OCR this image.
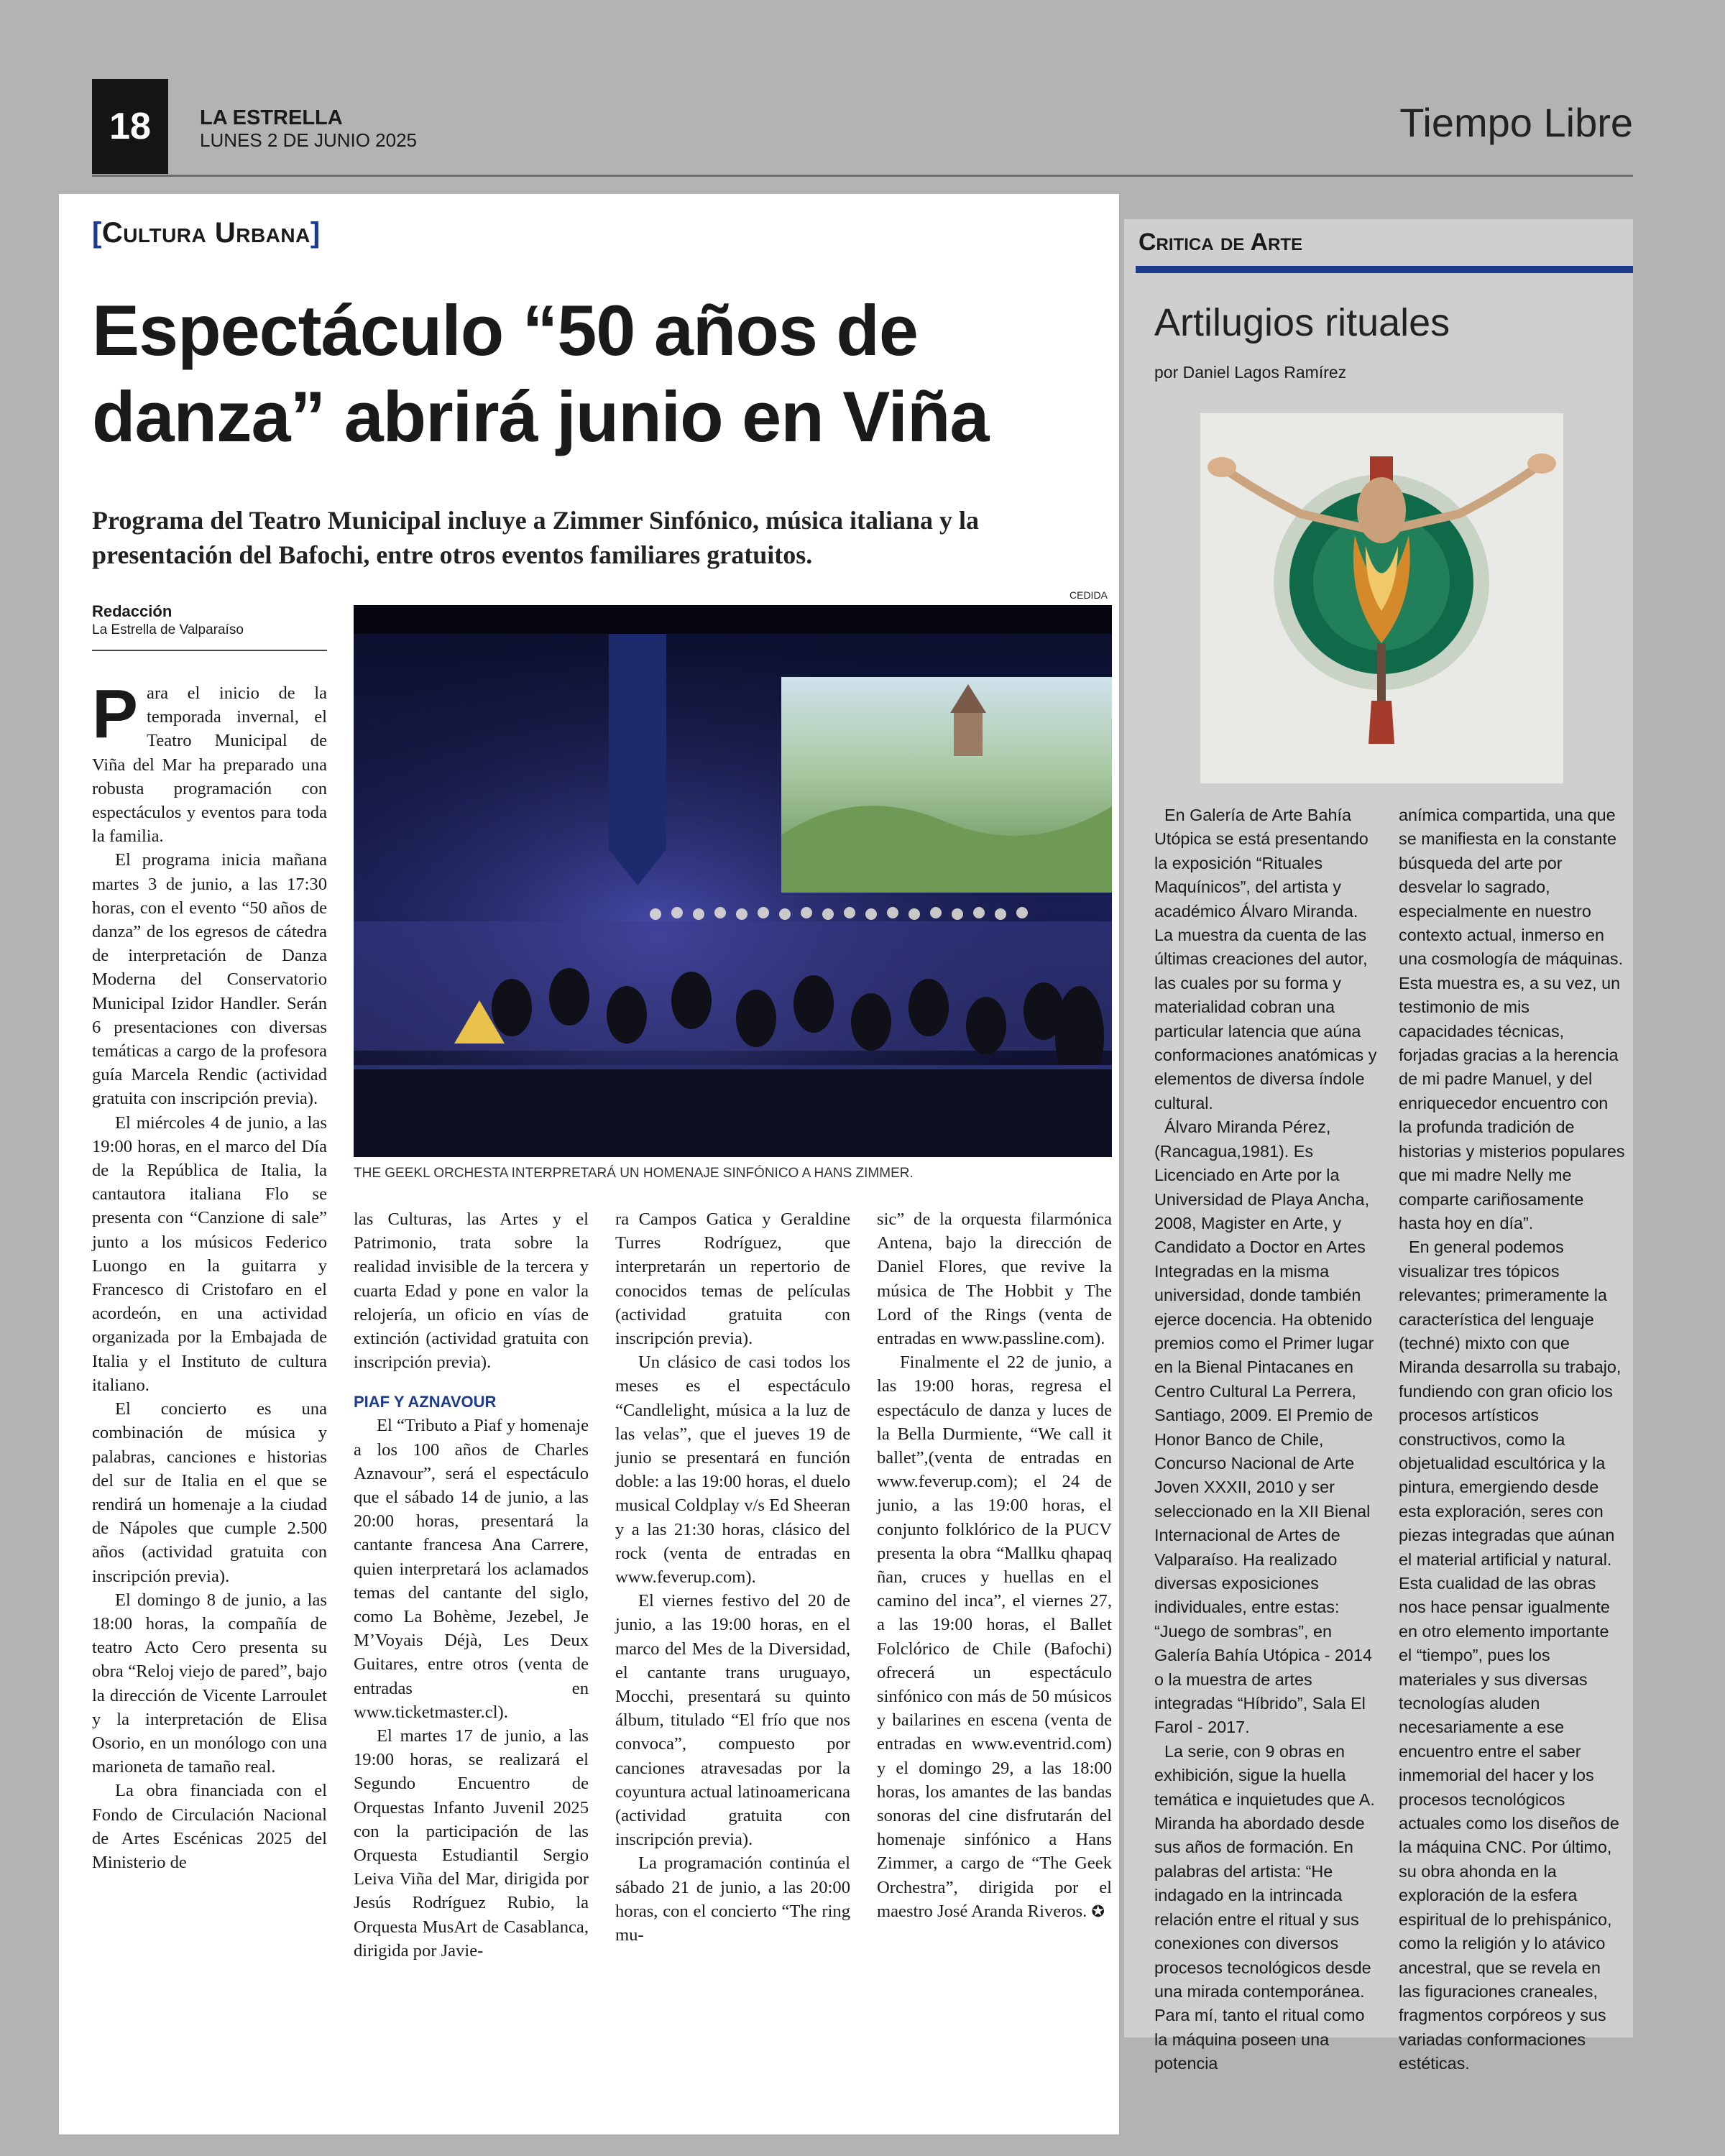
18	LA ESTRELLA
LUNES 2 DE JUNIO 2025	Tiempo Libre
[Cultura Urbana]
Espectáculo “50 años de danza” abrirá junio en Viña
Programa del Teatro Municipal incluye a Zimmer Sinfónico, música italiana y la presentación del Bafochi, entre otros eventos familiares gratuitos.
Redacción
La Estrella de Valparaíso
CEDIDA
THE GEEKL ORCHESTA INTERPRETARÁ UN HOMENAJE SINFÓNICO A HANS ZIMMER.

Para el inicio de la temporada invernal, el Teatro Municipal de Viña del Mar ha preparado una robusta programación con espectáculos y eventos para toda la familia.

El programa inicia mañana martes 3 de junio, a las 17:30 horas, con el evento “50 años de danza” de los egresos de cátedra de interpretación de Danza Moderna del Conservatorio Municipal Izidor Handler. Serán 6 presentaciones con diversas temáticas a cargo de la profesora guía Marcela Rendic (actividad gratuita con inscripción previa).

El miércoles 4 de junio, a las 19:00 horas, en el marco del Día de la República de Italia, la cantautora italiana Flo se presenta con “Canzione di sale” junto a los músicos Federico Luongo en la guitarra y Francesco di Cristofaro en el acordeón, en una actividad organizada por la Embajada de Italia y el Instituto de cultura italiano.

El concierto es una combinación de música y palabras, canciones e historias del sur de Italia en el que se rendirá un homenaje a la ciudad de Nápoles que cumple 2.500 años (actividad gratuita con inscripción previa).

El domingo 8 de junio, a las 18:00 horas, la compañía de teatro Acto Cero presenta su obra “Reloj viejo de pared”, bajo la dirección de Vicente Larroulet y la interpretación de Elisa Osorio, en un monólogo con una marioneta de tamaño real.

La obra financiada con el Fondo de Circulación Nacional de Artes Escénicas 2025 del Ministerio de

las Culturas, las Artes y el Patrimonio, trata sobre la realidad invisible de la tercera y cuarta Edad y pone en valor la relojería, un oficio en vías de extinción (actividad gratuita con inscripción previa).

PIAF Y AZNAVOUR

El “Tributo a Piaf y homenaje a los 100 años de Charles Aznavour”, será el espectáculo que el sábado 14 de junio, a las 20:00 horas, presentará la cantante francesa Ana Carrere, quien interpretará los aclamados temas del cantante del siglo, como La Bohème, Jezebel, Je M’Voyais Déjà, Les Deux Guitares, entre otros (venta de entradas en www.ticketmaster.cl).

El martes 17 de junio, a las 19:00 horas, se realizará el Segundo Encuentro de Orquestas Infanto Juvenil 2025 con la participación de las Orquesta Estudiantil Sergio Leiva Viña del Mar, dirigida por Jesús Rodríguez Rubio, la Orquesta MusArt de Casablanca, dirigida por Javie-

ra Campos Gatica y Geraldine Turres Rodríguez, que interpretarán un repertorio de conocidos temas de películas (actividad gratuita con inscripción previa).

Un clásico de casi todos los meses es el espectáculo “Candlelight, música a la luz de las velas”, que el jueves 19 de junio se presentará en función doble: a las 19:00 horas, el duelo musical Coldplay v/s Ed Sheeran y a las 21:30 horas, clásico del rock (venta de entradas en www.feverup.com).

El viernes festivo del 20 de junio, a las 19:00 horas, en el marco del Mes de la Diversidad, el cantante trans uruguayo, Mocchi, presentará su quinto álbum, titulado “El frío que nos convoca”, compuesto por canciones atravesadas por la coyuntura actual latinoamericana (actividad gratuita con inscripción previa).

La programación continúa el sábado 21 de junio, a las 20:00 horas, con el concierto “The ring mu-

sic” de la orquesta filarmónica Antena, bajo la dirección de Daniel Flores, que revive la música de The Hobbit y The Lord of the Rings (venta de entradas en www.passline.com).

Finalmente el 22 de junio, a las 19:00 horas, regresa el espectáculo de danza y luces de la Bella Durmiente, “We call it ballet”,(venta de entradas en www.feverup.com); el 24 de junio, a las 19:00 horas, el conjunto folklórico de la PUCV presenta la obra “Mallku qhapaq ñan, cruces y huellas en el camino del inca”, el viernes 27, a las 19:00 horas, el Ballet Folclórico de Chile (Bafochi) ofrecerá un espectáculo sinfónico con más de 50 músicos y bailarines en escena (venta de entradas en www.eventrid.com) y el domingo 29, a las 18:00 horas, los amantes de las bandas sonoras del cine disfrutarán del homenaje sinfónico a Hans Zimmer, a cargo de “The Geek Orchestra”, dirigida por el maestro José Aranda Riveros. ✪

Critica de Arte
Artilugios rituales
por Daniel Lagos Ramírez

En Galería de Arte Bahía Utópica se está presentando la exposición “Rituales Maquínicos”, del artista y académico Álvaro Miranda. La muestra da cuenta de las últimas creaciones del autor, las cuales por su forma y materialidad cobran una particular latencia que aúna conformaciones anatómicas y elementos de diversa índole cultural.

Álvaro Miranda Pérez, (Rancagua,1981). Es Licenciado en Arte por la Universidad de Playa Ancha, 2008, Magister en Arte, y Candidato a Doctor en Artes Integradas en la misma universidad, donde también ejerce docencia. Ha obtenido premios como el Primer lugar en la Bienal Pintacanes en Centro Cultural La Perrera, Santiago, 2009. El Premio de Honor Banco de Chile, Concurso Nacional de Arte Joven XXXII, 2010 y ser seleccionado en la XII Bienal Internacional de Artes de Valparaíso. Ha realizado diversas exposiciones individuales, entre estas: “Juego de sombras”, en Galería Bahía Utópica - 2014 o la muestra de artes integradas “Híbrido”, Sala El Farol - 2017.

La serie, con 9 obras en exhibición, sigue la huella temática e inquietudes que A. Miranda ha abordado desde sus años de formación. En palabras del artista: “He indagado en la intrincada relación entre el ritual y sus conexiones con diversos procesos tecnológicos desde una mirada contemporánea. Para mí, tanto el ritual como la máquina poseen una potencia

anímica compartida, una que se manifiesta en la constante búsqueda del arte por desvelar lo sagrado, especialmente en nuestro contexto actual, inmerso en una cosmología de máquinas. Esta muestra es, a su vez, un testimonio de mis capacidades técnicas, forjadas gracias a la herencia de mi padre Manuel, y del enriquecedor encuentro con la profunda tradición de historias y misterios populares que mi madre Nelly me comparte cariñosamente hasta hoy en día”.

En general podemos visualizar tres tópicos relevantes; primeramente la característica del lenguaje (techné) mixto con que Miranda desarrolla su trabajo, fundiendo con gran oficio los procesos artísticos constructivos, como la objetualidad escultórica y la pintura, emergiendo desde esta exploración, seres con piezas integradas que aúnan el material artificial y natural. Esta cualidad de las obras nos hace pensar igualmente en otro elemento importante el “tiempo”, pues los materiales y sus diversas tecnologías aluden necesariamente a ese encuentro entre el saber inmemorial del hacer y los procesos tecnológicos actuales como los diseños de la máquina CNC. Por último, su obra ahonda en la exploración de la esfera espiritual de lo prehispánico, como la religión y lo atávico ancestral, que se revela en las figuraciones craneales, fragmentos corpóreos y sus variadas conformaciones estéticas.
